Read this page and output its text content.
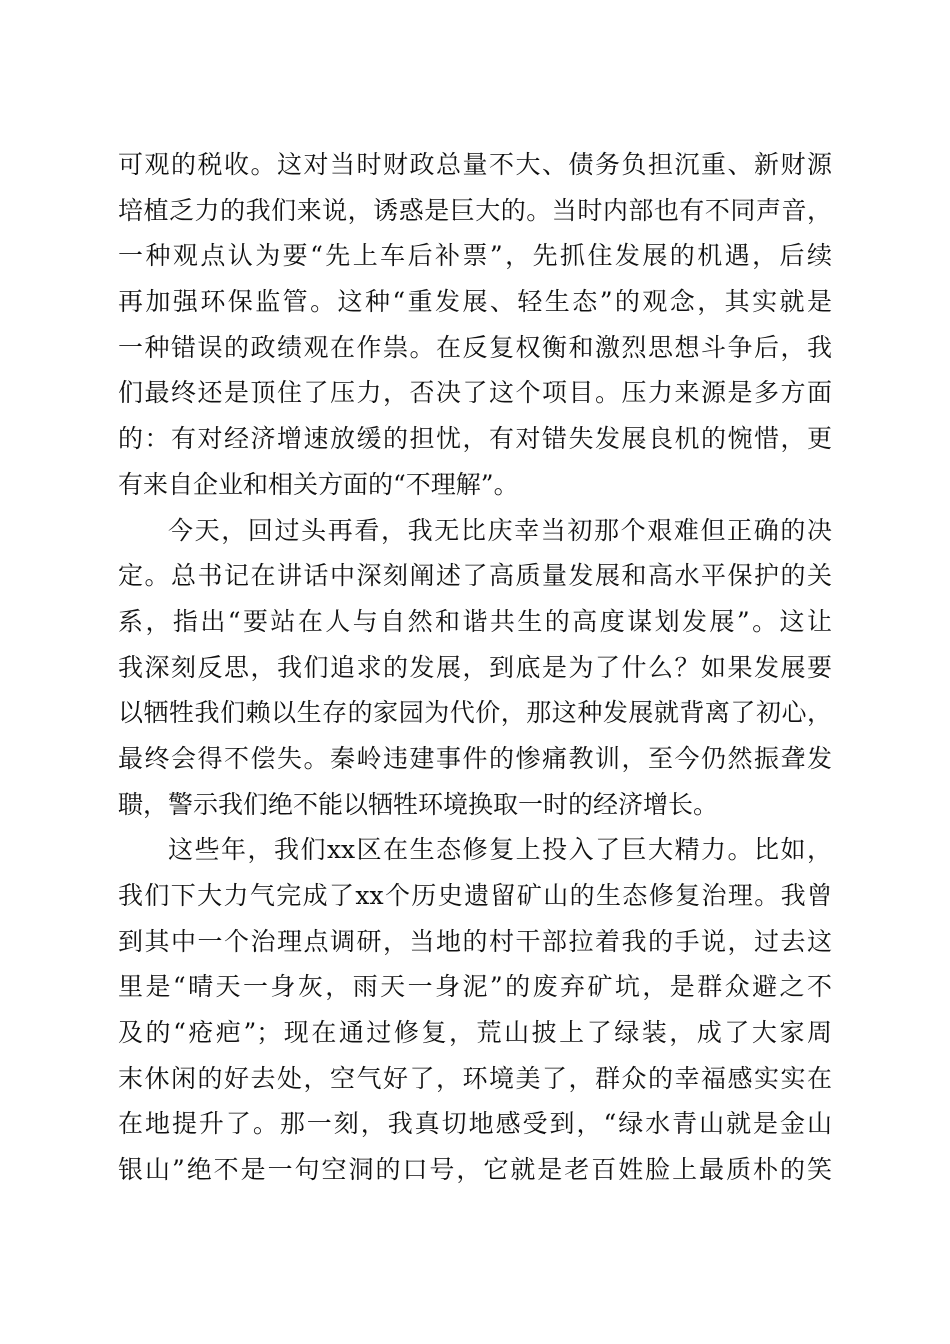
可观的税收。这对当时财政总量不大、债务负担沉重、新财源
培植乏力的我们来说，诱惑是巨大的。当时内部也有不同声音，
一种观点认为要“先上车后补票”，先抓住发展的机遇，后续
再加强环保监管。这种“重发展、轻生态”的观念，其实就是
一种错误的政绩观在作祟。在反复权衡和激烈思想斗争后，我
们最终还是顶住了压力，否决了这个项目。压力来源是多方面
的：有对经济增速放缓的担忧，有对错失发展良机的惋惜，更
有来自企业和相关方面的“不理解”。
今天，回过头再看，我无比庆幸当初那个艰难但正确的决
定。总书记在讲话中深刻阐述了高质量发展和高水平保护的关
系，指出“要站在人与自然和谐共生的高度谋划发展”。这让
我深刻反思，我们追求的发展，到底是为了什么？如果发展要
以牺牲我们赖以生存的家园为代价，那这种发展就背离了初心，
最终会得不偿失。秦岭违建事件的惨痛教训，至今仍然振聋发
聩，警示我们绝不能以牺牲环境换取一时的经济增长。
这些年，我们xx区在生态修复上投入了巨大精力。比如，
我们下大力气完成了xx个历史遗留矿山的生态修复治理。我曾
到其中一个治理点调研，当地的村干部拉着我的手说，过去这
里是“晴天一身灰，雨天一身泥”的废弃矿坑，是群众避之不
及的“疮疤”；现在通过修复，荒山披上了绿装，成了大家周
末休闲的好去处，空气好了，环境美了，群众的幸福感实实在
在地提升了。那一刻，我真切地感受到，“绿水青山就是金山
银山”绝不是一句空洞的口号，它就是老百姓脸上最质朴的笑
